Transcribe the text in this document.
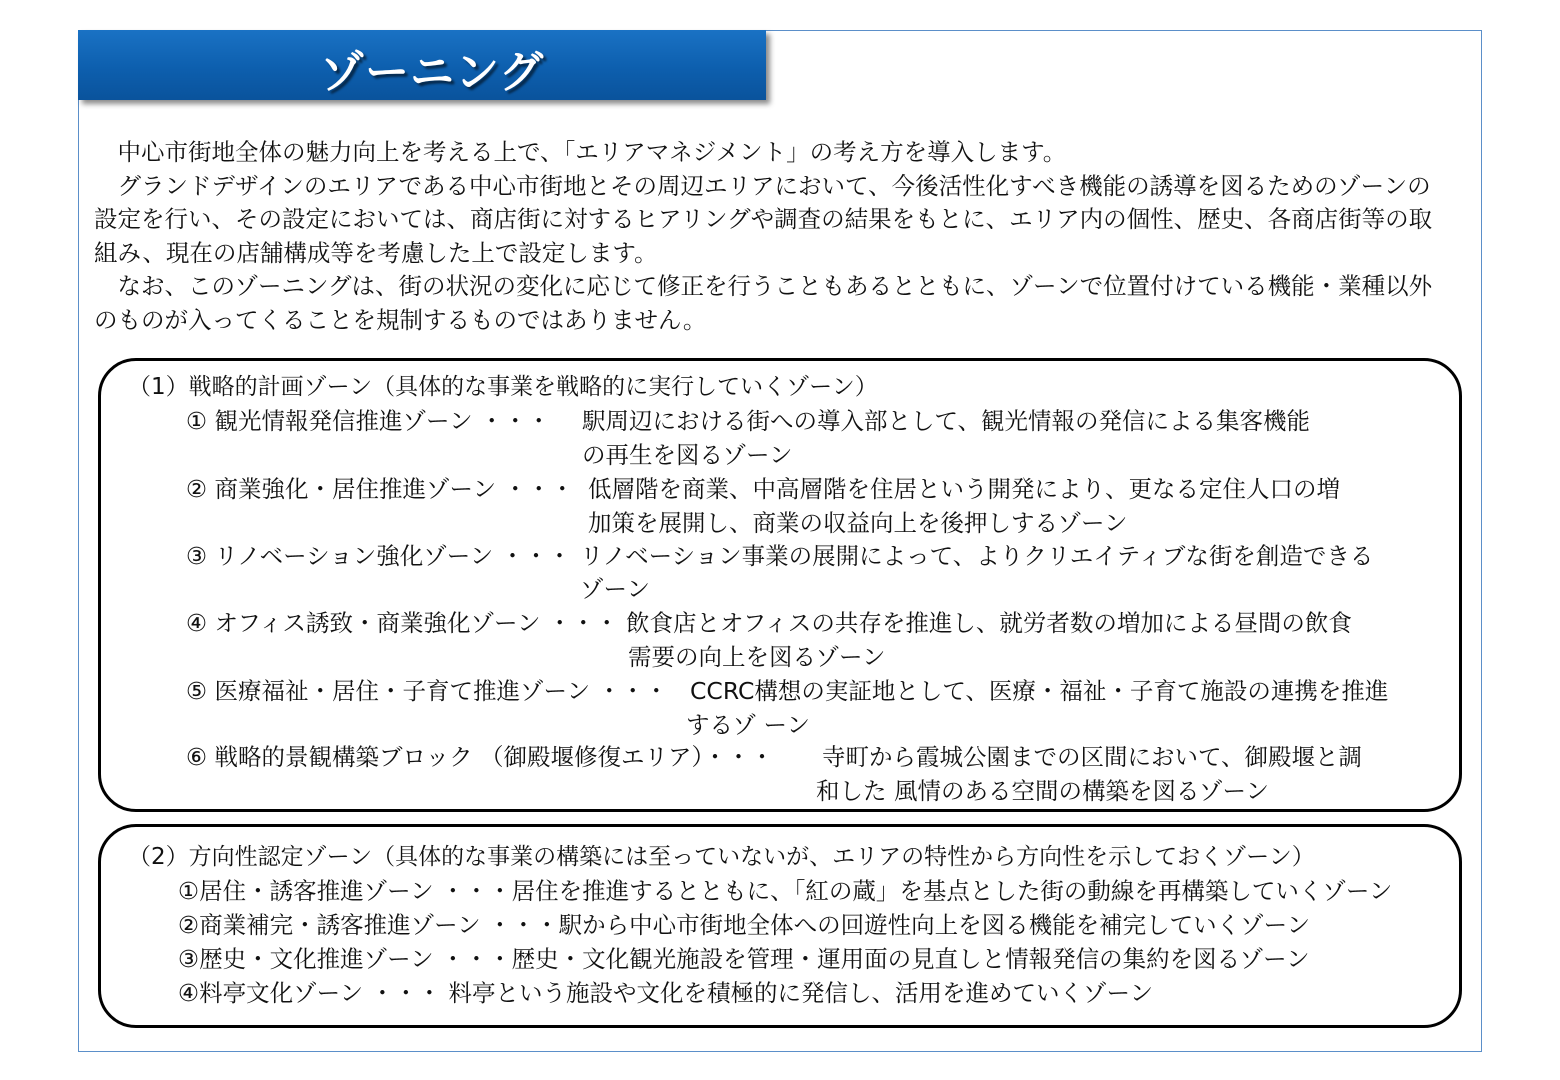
ゾーニング

中心市街地全体の魅力向上を考える上で、「エリアマネジメント」の考え方を導入します。

グランドデザインのエリアである中心市街地とその周辺エリアにおいて、今後活性化すべき機能の誘導を図るためのゾーンの設定を行い、その設定においては、商店街に対するヒアリングや調査の結果をもとに、エリア内の個性、歴史、各商店街等の取組み、現在の店舗構成等を考慮した上で設定します。

なお、このゾーニングは、街の状況の変化に応じて修正を行うこともあるとともに、ゾーンで位置付けている機能・業種以外のものが入ってくることを規制するものではありません。

（1）戦略的計画ゾーン（具体的な事業を戦略的に実行していくゾーン）
① 観光情報発信推進ゾーン ・・・ 駅周辺における街への導入部として、観光情報の発信による集客機能
の再生を図るゾーン
② 商業強化・居住推進ゾーン ・・・ 低層階を商業、中高層階を住居という開発により、更なる定住人口の増
加策を展開し、商業の収益向上を後押しするゾーン
③ リノベーション強化ゾーン ・・・ リノベーション事業の展開によって、よりクリエイティブな街を創造できる
ゾーン
④ オフィス誘致・商業強化ゾーン ・・・ 飲食店とオフィスの共存を推進し、就労者数の増加による昼間の飲食
需要の向上を図るゾーン
⑤ 医療福祉・居住・子育て推進ゾーン ・・・ CCRC構想の実証地として、医療・福祉・子育て施設の連携を推進
するゾ ーン
⑥ 戦略的景観構築ブロック （御殿堰修復エリア）・・・ 寺町から霞城公園までの区間において、御殿堰と調
和した 風情のある空間の構築を図るゾーン
（2）方向性認定ゾーン（具体的な事業の構築には至っていないが、エリアの特性から方向性を示しておくゾーン）
①居住・誘客推進ゾーン ・・・居住を推進するとともに、「紅の蔵」を基点とした街の動線を再構築していくゾーン
②商業補完・誘客推進ゾーン ・・・駅から中心市街地全体への回遊性向上を図る機能を補完していくゾーン
③歴史・文化推進ゾーン ・・・歴史・文化観光施設を管理・運用面の見直しと情報発信の集約を図るゾーン
④料亭文化ゾーン ・・・ 料亭という施設や文化を積極的に発信し、活用を進めていくゾーン
